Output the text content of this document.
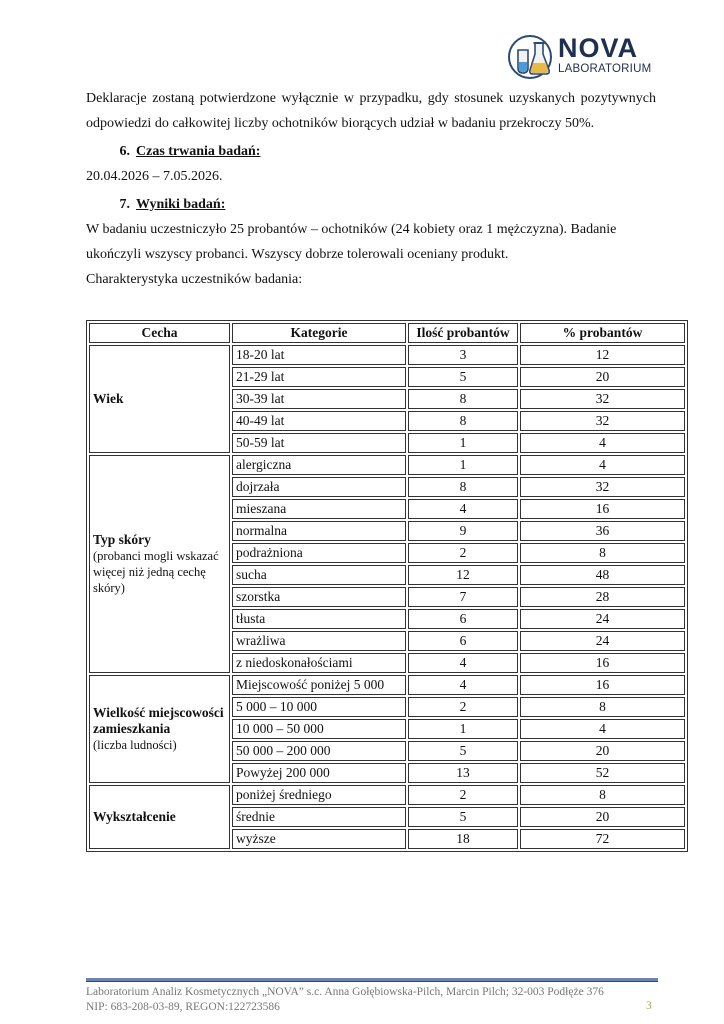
NOVA
LABORATORIUM

Deklaracje zostaną potwierdzone wyłącznie w przypadku, gdy stosunek uzyskanych pozytywnych odpowiedzi do całkowitej liczby ochotników biorących udział w badaniu przekroczy 50%.

6. Czas trwania badań:

20.04.2026 – 7.05.2026.

7. Wyniki badań:

W badaniu uczestniczyło 25 probantów – ochotników (24 kobiety oraz 1 mężczyzna). Badanie ukończyli wszyscy probanci. Wszyscy dobrze tolerowali oceniany produkt.

Charakterystyka uczestników badania:

Cecha	Kategorie	Ilość probantów	% probantów

Wiek	18-20 lat	3	12
	21-29 lat	5	20
	30-39 lat	8	32
	40-49 lat	8	32
	50-59 lat	1	4

Typ skóry
(probanci mogli wskazać więcej niż jedną cechę skóry)	alergiczna	1	4
	dojrzała	8	32
	mieszana	4	16
	normalna	9	36
	podrażniona	2	8
	sucha	12	48
	szorstka	7	28
	tłusta	6	24
	wrażliwa	6	24
	z niedoskonałościami	4	16

Wielkość miejscowości zamieszkania
(liczba ludności)	Miejscowość poniżej 5 000	4	16
	5 000 – 10 000	2	8
	10 000 – 50 000	1	4
	50 000 – 200 000	5	20
	Powyżej 200 000	13	52

Wykształcenie	poniżej średniego	2	8
	średnie	5	20
	wyższe	18	72
Laboratorium Analiz Kosmetycznych „NOVA” s.c. Anna Gołębiowska-Pilch, Marcin Pilch; 32-003 Podłęże 376
NIP: 683-208-03-89, REGON:122723586	3
